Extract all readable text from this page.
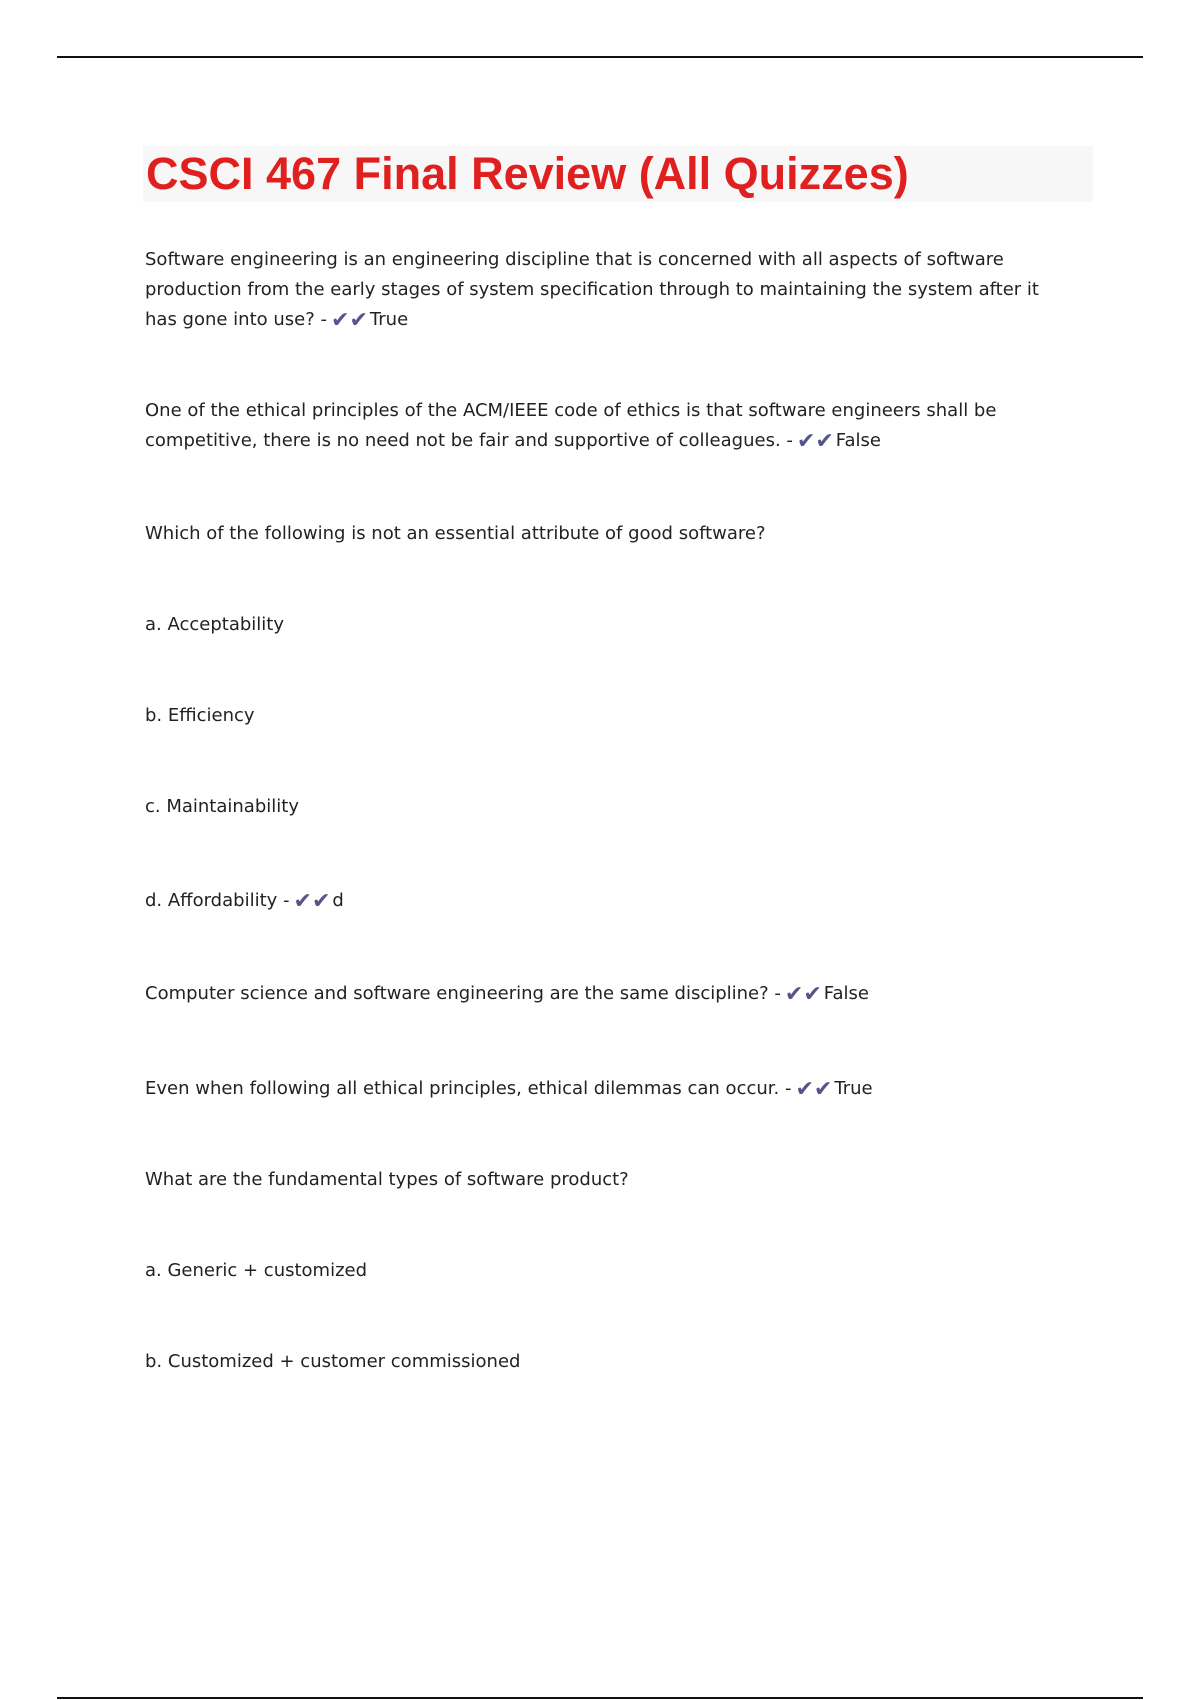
CSCI 467 Final Review (All Quizzes)

Software engineering is an engineering discipline that is concerned with all aspects of software production from the early stages of system specification through to maintaining the system after it has gone into use? - ✔✔ True

One of the ethical principles of the ACM/IEEE code of ethics is that software engineers shall be competitive, there is no need not be fair and supportive of colleagues. - ✔✔ False

Which of the following is not an essential attribute of good software?

a. Acceptability

b. Efficiency

c. Maintainability

d. Affordability - ✔✔ d

Computer science and software engineering are the same discipline? - ✔✔ False

Even when following all ethical principles, ethical dilemmas can occur. - ✔✔ True

What are the fundamental types of software product?

a. Generic + customized

b. Customized + customer commissioned
